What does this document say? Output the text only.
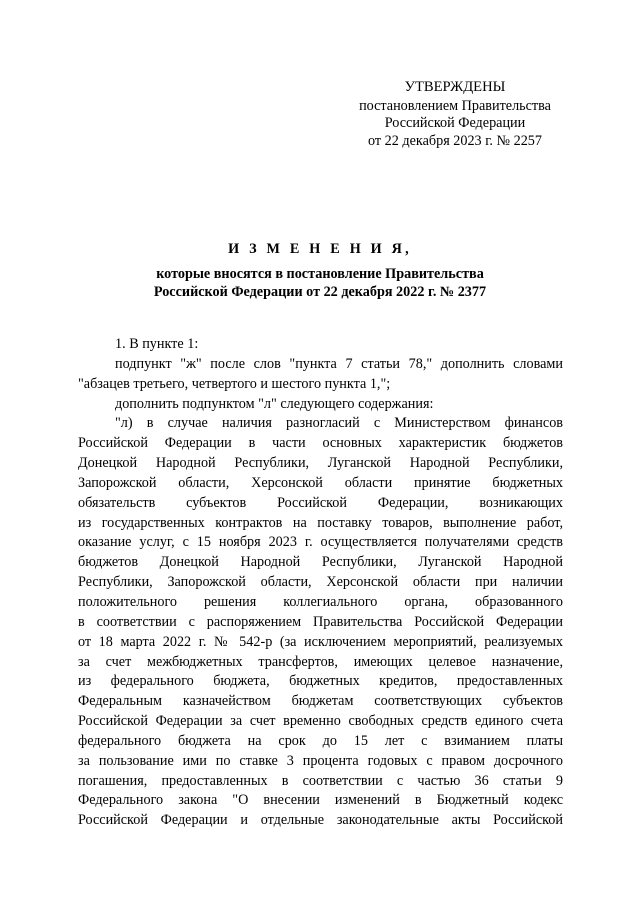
УТВЕРЖДЕНЫ
постановлением Правительства
Российской Федерации
от 22 декабря 2023 г. № 2257
И З М Е Н Е Н И Я,
которые вносятся в постановление Правительства
Российской Федерации от 22 декабря 2022 г. № 2377
1. В пункте 1:
подпункт "ж" после слов "пункта 7 статьи 78," дополнить словами
"абзацев третьего, четвертого и шестого пункта 1,";
дополнить подпунктом "л" следующего содержания:
"л) в случае наличия разногласий с Министерством финансов
Российской Федерации в части основных характеристик бюджетов
Донецкой Народной Республики, Луганской Народной Республики,
Запорожской области, Херсонской области принятие бюджетных
обязательств субъектов Российской Федерации, возникающих
из государственных контрактов на поставку товаров, выполнение работ,
оказание услуг, с 15 ноября 2023 г. осуществляется получателями средств
бюджетов Донецкой Народной Республики, Луганской Народной
Республики, Запорожской области, Херсонской области при наличии
положительного решения коллегиального органа, образованного
в соответствии с распоряжением Правительства Российской Федерации
от 18 марта 2022 г. № 542-р (за исключением мероприятий, реализуемых
за счет межбюджетных трансфертов, имеющих целевое назначение,
из федерального бюджета, бюджетных кредитов, предоставленных
Федеральным казначейством бюджетам соответствующих субъектов
Российской Федерации за счет временно свободных средств единого счета
федерального бюджета на срок до 15 лет с взиманием платы
за пользование ими по ставке 3 процента годовых с правом досрочного
погашения, предоставленных в соответствии с частью 36 статьи 9
Федерального закона "О внесении изменений в Бюджетный кодекс
Российской Федерации и отдельные законодательные акты Российской
